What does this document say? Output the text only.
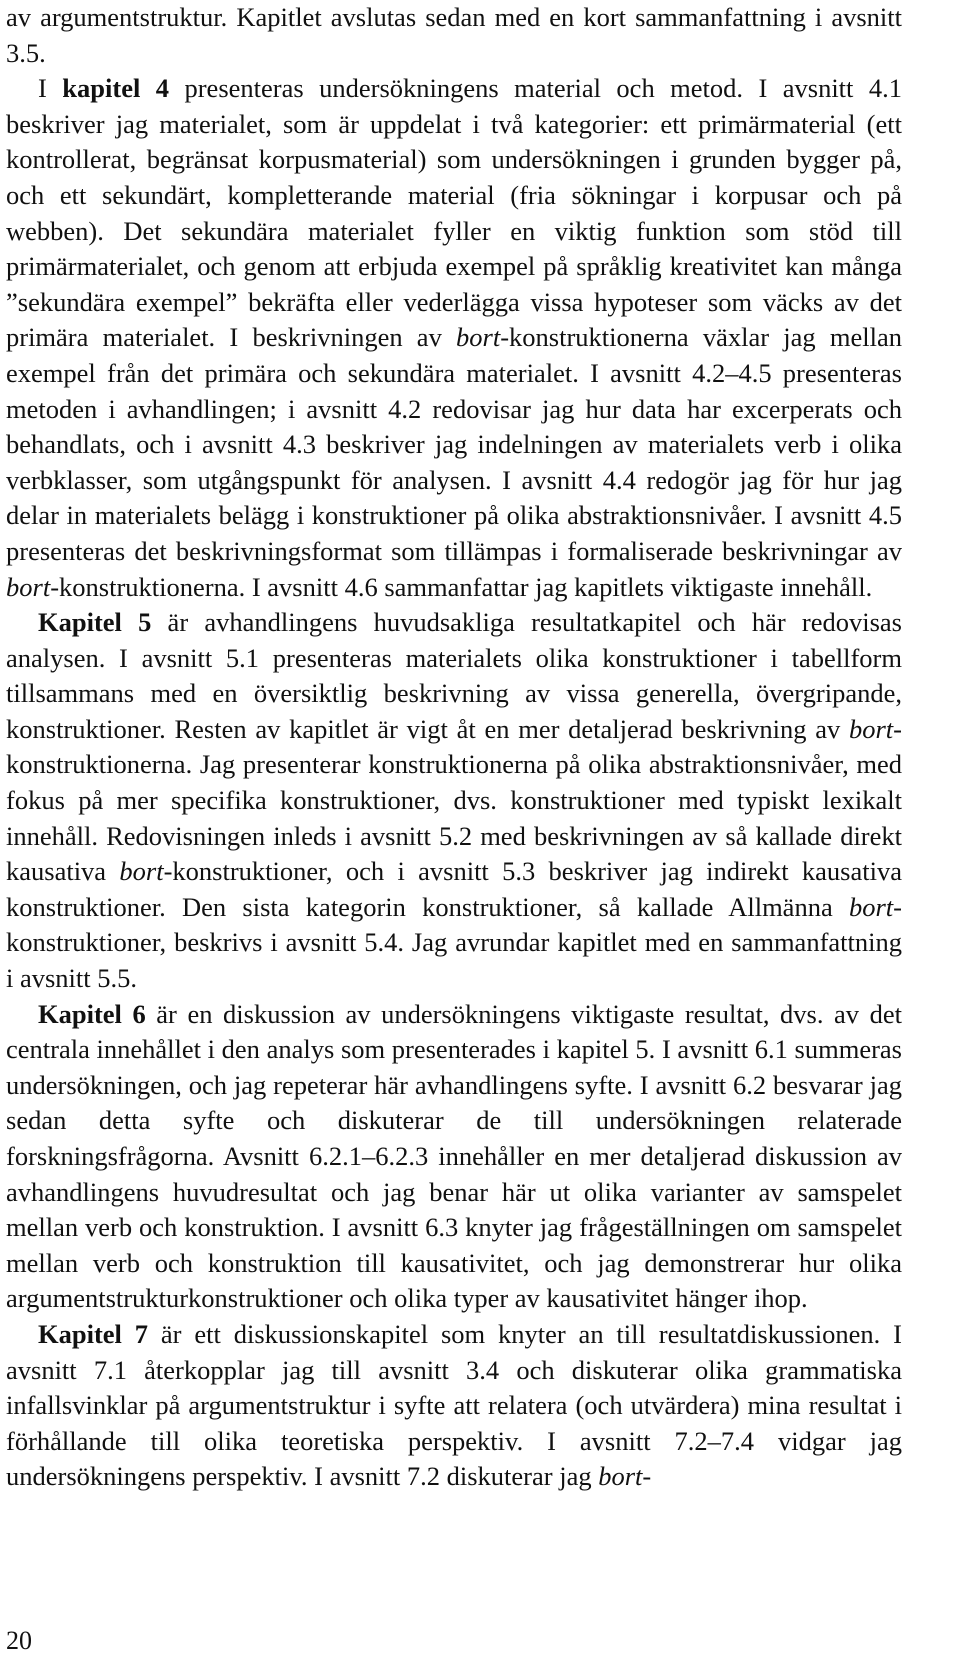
av argumentstruktur. Kapitlet avslutas sedan med en kort sammanfattning i avsnitt 3.5.

I kapitel 4 presenteras undersökningens material och metod. I avsnitt 4.1 beskriver jag materialet, som är uppdelat i två kategorier: ett primärmaterial (ett kontrollerat, begränsat korpusmaterial) som undersökningen i grunden bygger på, och ett sekundärt, kompletterande material (fria sökningar i korpusar och på webben). Det sekundära materialet fyller en viktig funktion som stöd till primärmaterialet, och genom att erbjuda exempel på språklig kreativitet kan många ”sekundära exempel” bekräfta eller vederlägga vissa hypoteser som väcks av det primära materialet. I beskrivningen av bort-konstruktionerna växlar jag mellan exempel från det primära och sekundära materialet. I avsnitt 4.2–4.5 presenteras metoden i avhandlingen; i avsnitt 4.2 redovisar jag hur data har excerperats och behandlats, och i avsnitt 4.3 beskriver jag indelningen av materialets verb i olika verbklasser, som utgångspunkt för analysen. I avsnitt 4.4 redogör jag för hur jag delar in materialets belägg i konstruktioner på olika abstraktionsnivåer. I avsnitt 4.5 presenteras det beskrivningsformat som tillämpas i formaliserade beskrivningar av bort-konstruktionerna. I avsnitt 4.6 sammanfattar jag kapitlets viktigaste innehåll.

Kapitel 5 är avhandlingens huvudsakliga resultatkapitel och här redovisas analysen. I avsnitt 5.1 presenteras materialets olika konstruktioner i tabellform tillsammans med en översiktlig beskrivning av vissa generella, övergripande, konstruktioner. Resten av kapitlet är vigt åt en mer detaljerad beskrivning av bort-konstruktionerna. Jag presenterar konstruktionerna på olika abstraktionsnivåer, med fokus på mer specifika konstruktioner, dvs. konstruktioner med typiskt lexikalt innehåll. Redovisningen inleds i avsnitt 5.2 med beskrivningen av så kallade direkt kausativa bort-konstruktioner, och i avsnitt 5.3 beskriver jag indirekt kausativa konstruktioner. Den sista kategorin konstruktioner, så kallade Allmänna bort-konstruktioner, beskrivs i avsnitt 5.4. Jag avrundar kapitlet med en sammanfattning i avsnitt 5.5.

Kapitel 6 är en diskussion av undersökningens viktigaste resultat, dvs. av det centrala innehållet i den analys som presenterades i kapitel 5. I avsnitt 6.1 summeras undersökningen, och jag repeterar här avhandlingens syfte. I avsnitt 6.2 besvarar jag sedan detta syfte och diskuterar de till undersökningen relaterade forskningsfrågorna. Avsnitt 6.2.1–6.2.3 innehåller en mer detaljerad diskussion av avhandlingens huvudresultat och jag benar här ut olika varianter av samspelet mellan verb och konstruktion. I avsnitt 6.3 knyter jag frågeställningen om samspelet mellan verb och konstruktion till kausativitet, och jag demonstrerar hur olika argumentstrukturkonstruktioner och olika typer av kausativitet hänger ihop.

Kapitel 7 är ett diskussionskapitel som knyter an till resultatdiskussionen. I avsnitt 7.1 återkopplar jag till avsnitt 3.4 och diskuterar olika grammatiska infallsvinklar på argumentstruktur i syfte att relatera (och utvärdera) mina resultat i förhållande till olika teoretiska perspektiv. I avsnitt 7.2–7.4 vidgar jag undersökningens perspektiv. I avsnitt 7.2 diskuterar jag bort-

20
